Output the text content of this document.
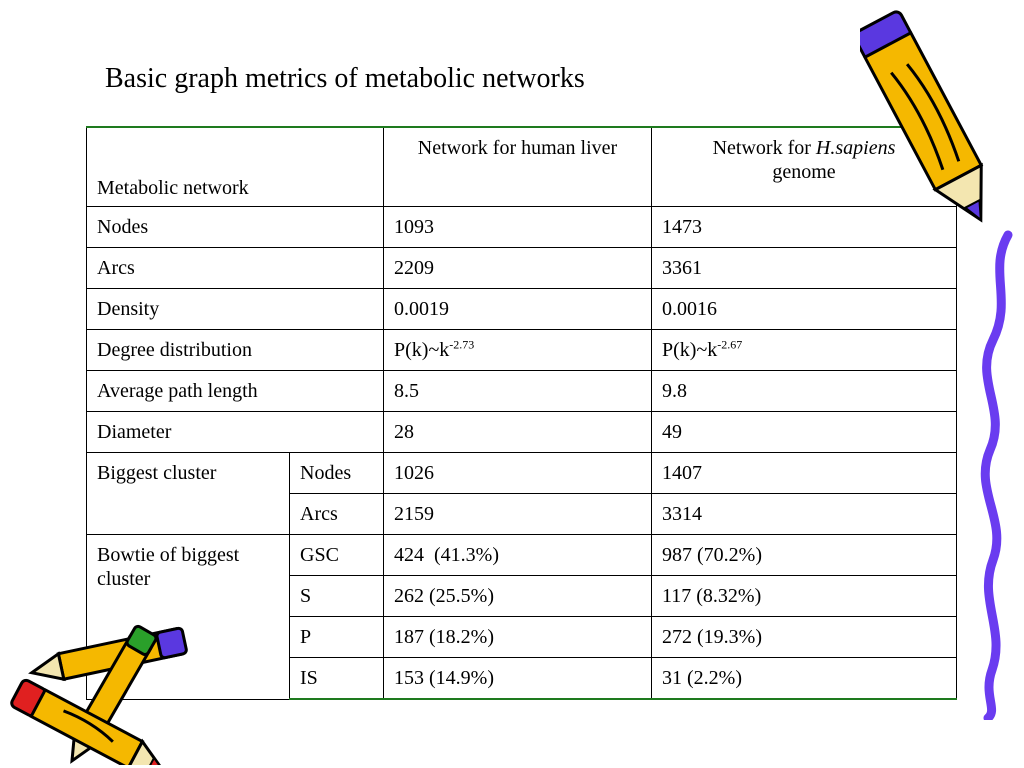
Basic graph metrics of metabolic networks
Metabolic network		Network for human liver	Network for H.sapiens
genome
Nodes		1093	1473
Arcs		2209	3361
Density		0.0019	0.0016
Degree distribution		$P(k)\sim k^{-2.73}$	$P(k)\sim k^{-2.67}$
Average path length		8.5	9.8
Diameter		28	49
Biggest cluster	Nodes	1026	1407
	Arcs	2159	3314
Bowtie of biggest cluster	GSC	424  (41.3%)	987 (70.2%)
	S	262 (25.5%)	117 (8.32%)
	P	187 (18.2%)	272 (19.3%)
	IS	153 (14.9%)	31 (2.2%)
